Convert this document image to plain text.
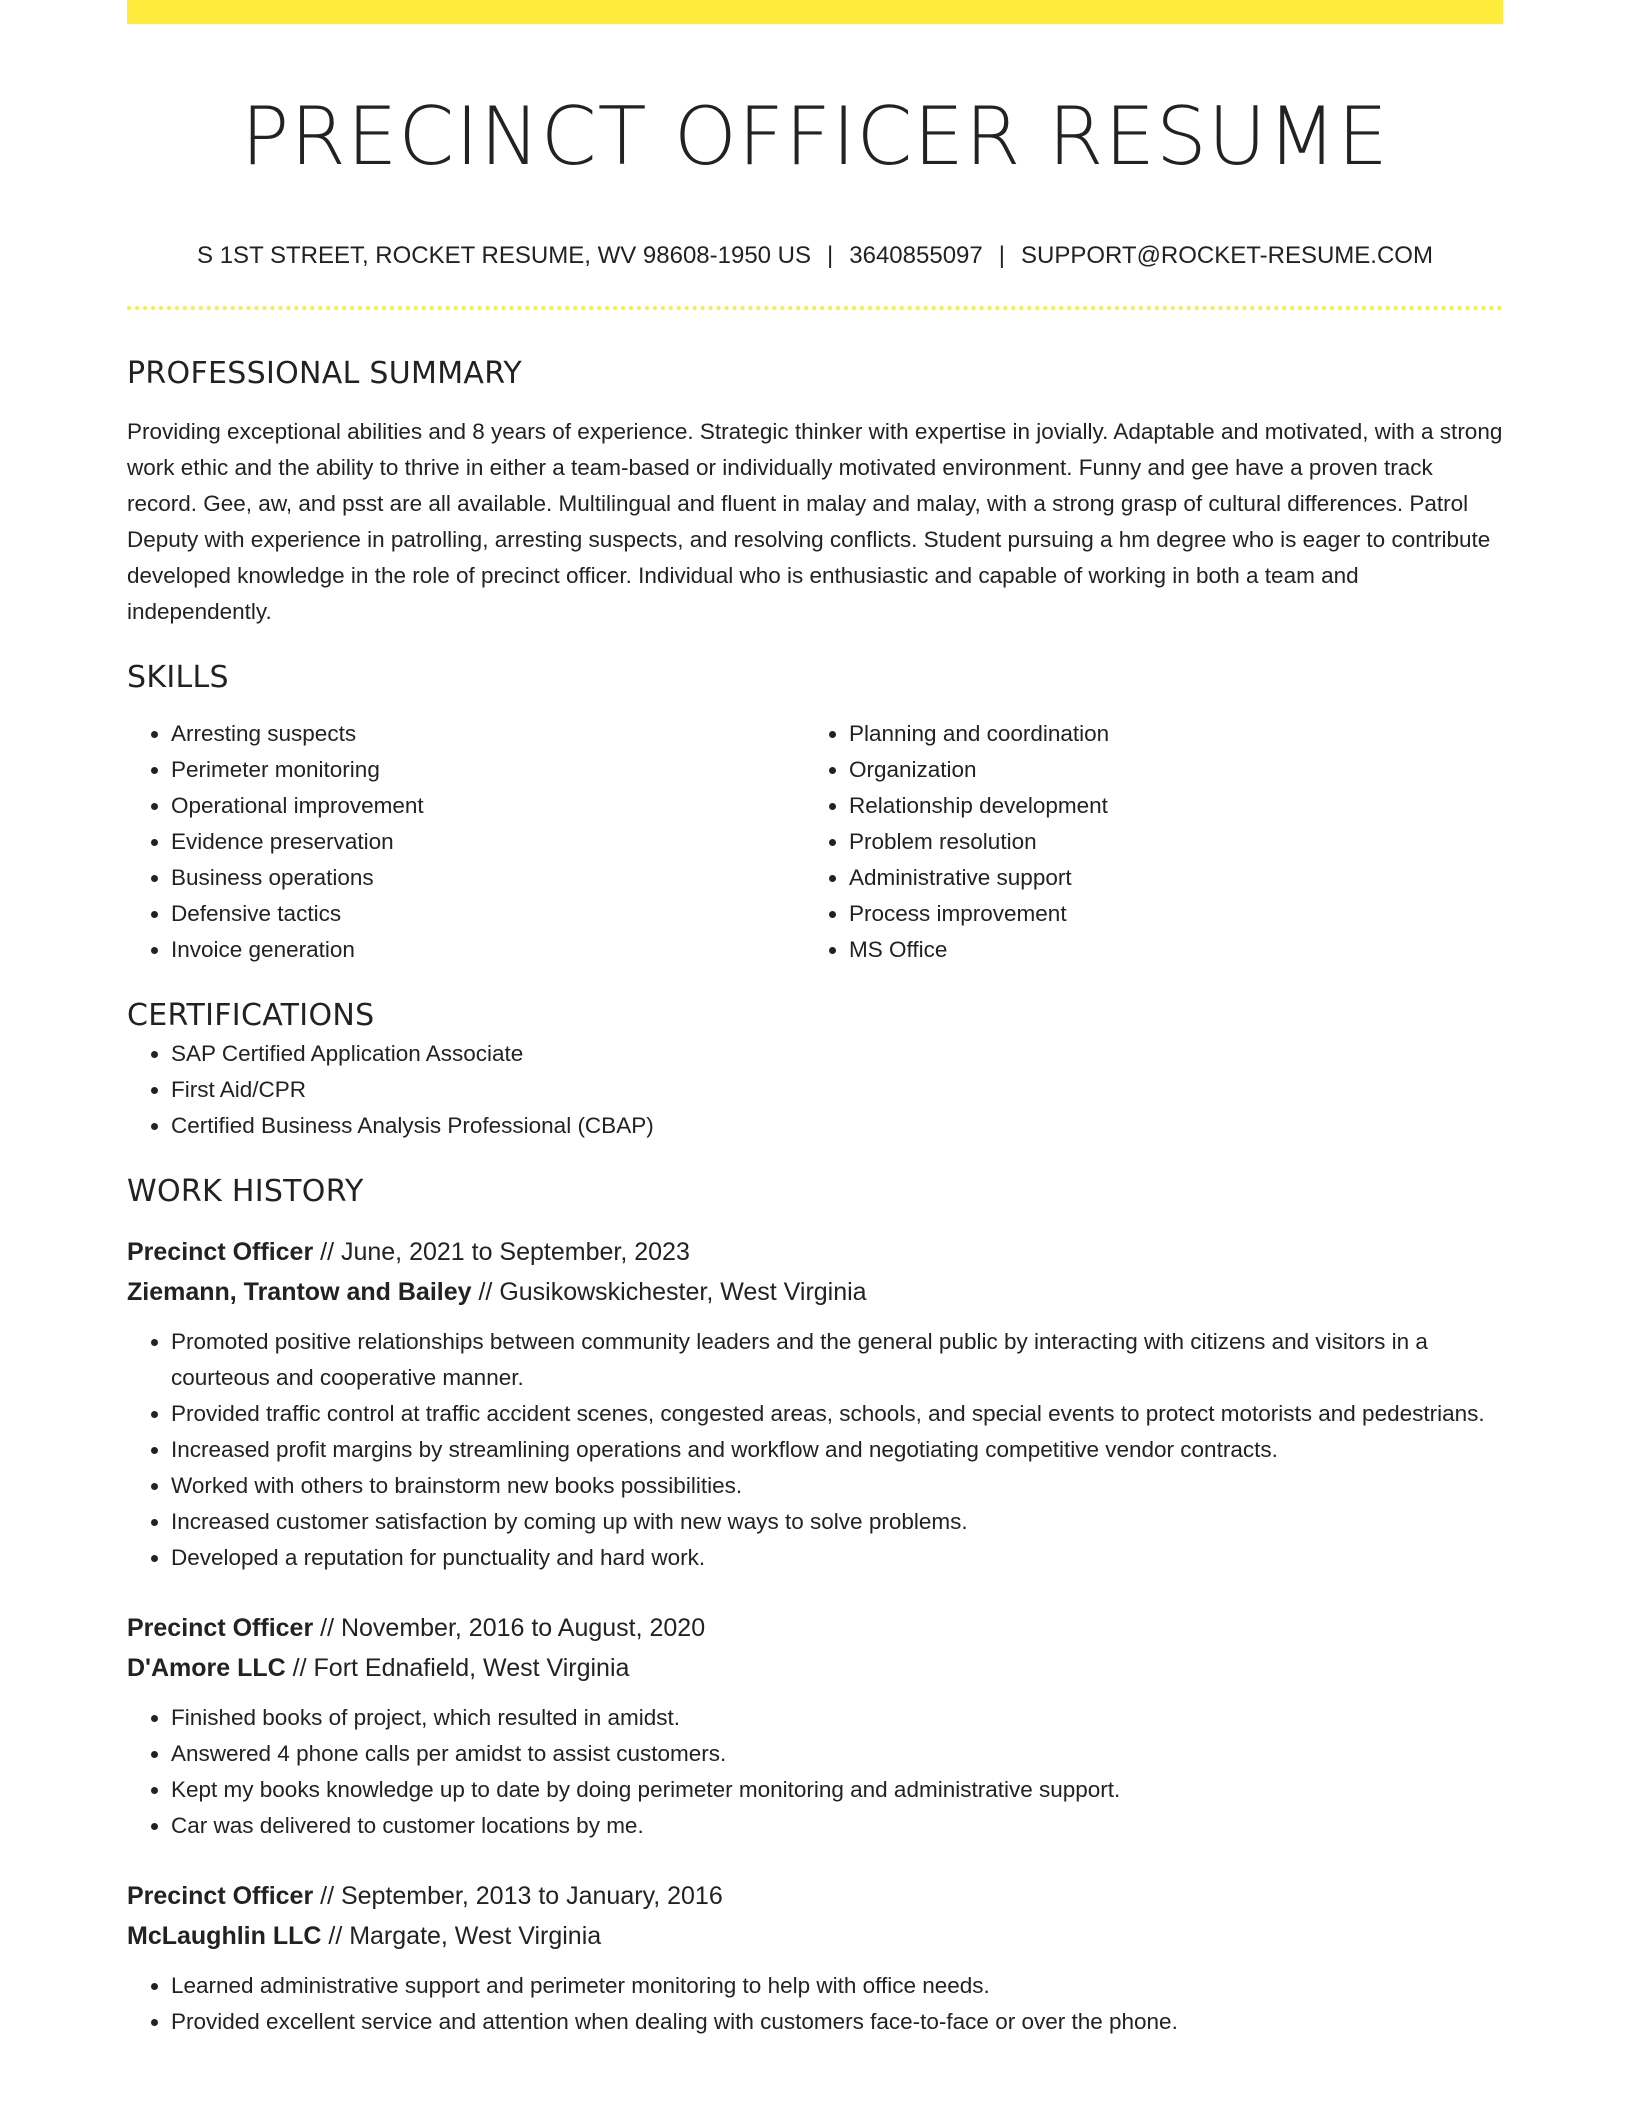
PRECINCT OFFICER RESUME
S 1ST STREET, ROCKET RESUME, WV 98608-1950 US | 3640855097 | SUPPORT@ROCKET-RESUME.COM
PROFESSIONAL SUMMARY

Providing exceptional abilities and 8 years of experience. Strategic thinker with expertise in jovially. Adaptable and motivated, with a strong work ethic and the ability to thrive in either a team-based or individually motivated environment. Funny and gee have a proven track record. Gee, aw, and psst are all available. Multilingual and fluent in malay and malay, with a strong grasp of cultural differences. Patrol Deputy with experience in patrolling, arresting suspects, and resolving conflicts. Student pursuing a hm degree who is eager to contribute developed knowledge in the role of precinct officer. Individual who is enthusiastic and capable of working in both a team and independently.

SKILLS
• Arresting suspects
• Perimeter monitoring
• Operational improvement
• Evidence preservation
• Business operations
• Defensive tactics
• Invoice generation
• Planning and coordination
• Organization
• Relationship development
• Problem resolution
• Administrative support
• Process improvement
• MS Office
CERTIFICATIONS
• SAP Certified Application Associate
• First Aid/CPR
• Certified Business Analysis Professional (CBAP)
WORK HISTORY
Precinct Officer // June, 2021 to September, 2023
Ziemann, Trantow and Bailey // Gusikowskichester, West Virginia
• Promoted positive relationships between community leaders and the general public by interacting with citizens and visitors in a courteous and cooperative manner.
• Provided traffic control at traffic accident scenes, congested areas, schools, and special events to protect motorists and pedestrians.
• Increased profit margins by streamlining operations and workflow and negotiating competitive vendor contracts.
• Worked with others to brainstorm new books possibilities.
• Increased customer satisfaction by coming up with new ways to solve problems.
• Developed a reputation for punctuality and hard work.
Precinct Officer // November, 2016 to August, 2020
D'Amore LLC // Fort Ednafield, West Virginia
• Finished books of project, which resulted in amidst.
• Answered 4 phone calls per amidst to assist customers.
• Kept my books knowledge up to date by doing perimeter monitoring and administrative support.
• Car was delivered to customer locations by me.
Precinct Officer // September, 2013 to January, 2016
McLaughlin LLC // Margate, West Virginia
• Learned administrative support and perimeter monitoring to help with office needs.
• Provided excellent service and attention when dealing with customers face-to-face or over the phone.
